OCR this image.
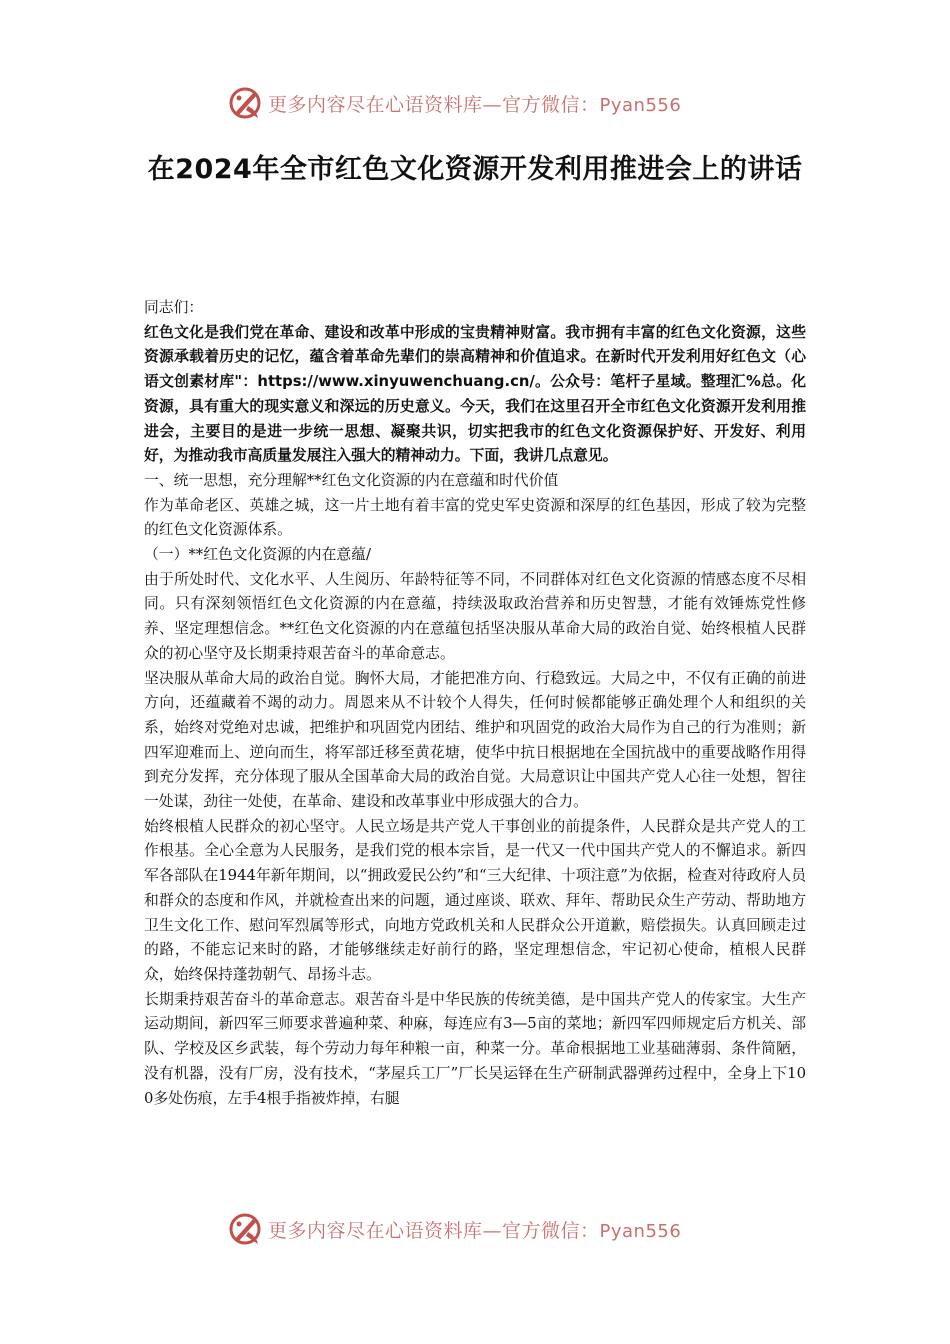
更多内容尽在心语资料库—官方微信：Pyan556
在2024年全市红色文化资源开发利用推进会上的讲话

同志们：

红色文化是我们党在革命、建设和改革中形成的宝贵精神财富。我市拥有丰富的红色文化资源，这些资源承载着历史的记忆，蕴含着革命先辈们的崇高精神和价值追求。在新时代开发利用好红色文（心语文创素材库"：https://www.xinyuwenchuang.cn/。公众号：笔杆子星域。整理汇%总。化资源，具有重大的现实意义和深远的历史意义。今天，我们在这里召开全市红色文化资源开发利用推进会，主要目的是进一步统一思想、凝聚共识，切实把我市的红色文化资源保护好、开发好、利用好，为推动我市高质量发展注入强大的精神动力。下面，我讲几点意见。

一、统一思想，充分理解**红色文化资源的内在意蕴和时代价值

作为革命老区、英雄之城，这一片土地有着丰富的党史军史资源和深厚的红色基因，形成了较为完整的红色文化资源体系。

（一）**红色文化资源的内在意蕴/

由于所处时代、文化水平、人生阅历、年龄特征等不同，不同群体对红色文化资源的情感态度不尽相同。只有深刻领悟红色文化资源的内在意蕴，持续汲取政治营养和历史智慧，才能有效锤炼党性修养、坚定理想信念。**红色文化资源的内在意蕴包括坚决服从革命大局的政治自觉、始终根植人民群众的初心坚守及长期秉持艰苦奋斗的革命意志。

坚决服从革命大局的政治自觉。胸怀大局，才能把准方向、行稳致远。大局之中，不仅有正确的前进方向，还蕴藏着不竭的动力。周恩来从不计较个人得失，任何时候都能够正确处理个人和组织的关系，始终对党绝对忠诚，把维护和巩固党内团结、维护和巩固党的政治大局作为自己的行为准则；新四军迎难而上、逆向而生，将军部迁移至黄花塘，使华中抗日根据地在全国抗战中的重要战略作用得到充分发挥，充分体现了服从全国革命大局的政治自觉。大局意识让中国共产党人心往一处想，智往一处谋，劲往一处使，在革命、建设和改革事业中形成强大的合力。

始终根植人民群众的初心坚守。人民立场是共产党人干事创业的前提条件，人民群众是共产党人的工作根基。全心全意为人民服务，是我们党的根本宗旨，是一代又一代中国共产党人的不懈追求。新四军各部队在1944年新年期间，以“拥政爱民公约”和“三大纪律、十项注意”为依据，检查对待政府人员和群众的态度和作风，并就检查出来的问题，通过座谈、联欢、拜年、帮助民众生产劳动、帮助地方卫生文化工作、慰问军烈属等形式，向地方党政机关和人民群众公开道歉，赔偿损失。认真回顾走过的路，不能忘记来时的路，才能够继续走好前行的路，坚定理想信念，牢记初心使命，植根人民群众，始终保持蓬勃朝气、昂扬斗志。

长期秉持艰苦奋斗的革命意志。艰苦奋斗是中华民族的传统美德，是中国共产党人的传家宝。大生产运动期间，新四军三师要求普遍种菜、种麻，每连应有3—5亩的菜地；新四军四师规定后方机关、部队、学校及区乡武装，每个劳动力每年种粮一亩，种菜一分。革命根据地工业基础薄弱、条件简陋，没有机器，没有厂房，没有技术，“茅屋兵工厂”厂长吴运铎在生产研制武器弹药过程中，全身上下100多处伤痕，左手4根手指被炸掉，右腿

更多内容尽在心语资料库—官方微信：Pyan556
